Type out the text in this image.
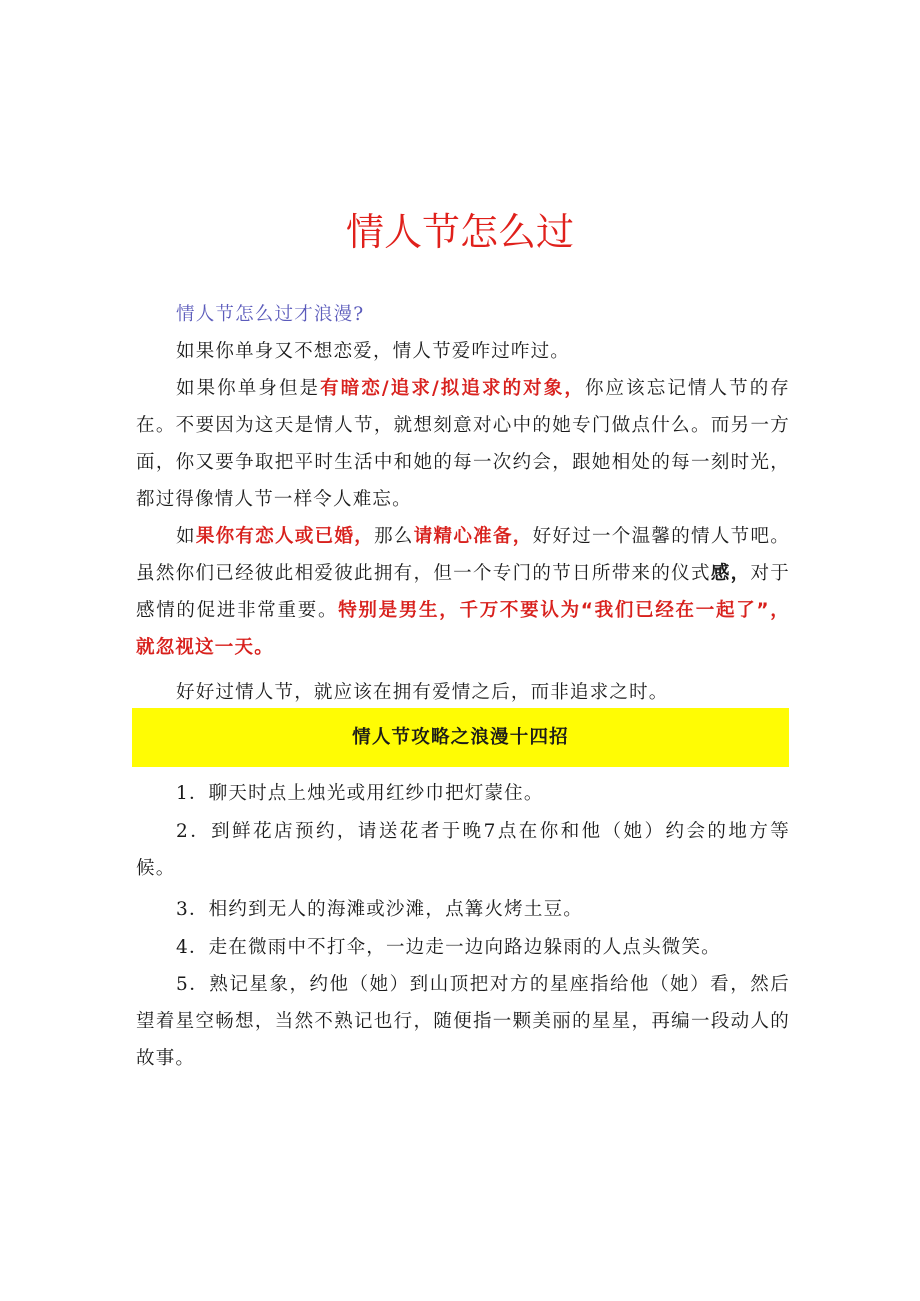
情人节怎么过
情人节怎么过才浪漫?
如果你单身又不想恋爱，情人节爱咋过咋过。
如果你单身但是有暗恋/追求/拟追求的对象，你应该忘记情人节的存在。不要因为这天是情人节，就想刻意对心中的她专门做点什么。而另一方面，你又要争取把平时生活中和她的每一次约会，跟她相处的每一刻时光，都过得像情人节一样令人难忘。
如果你有恋人或已婚，那么请精心准备，好好过一个温馨的情人节吧。虽然你们已经彼此相爱彼此拥有，但一个专门的节日所带来的仪式感，对于感情的促进非常重要。特别是男生，千万不要认为“我们已经在一起了”，就忽视这一天。
好好过情人节，就应该在拥有爱情之后，而非追求之时。
情人节攻略之浪漫十四招
1．聊天时点上烛光或用红纱巾把灯蒙住。
2．到鲜花店预约，请送花者于晚7点在你和他（她）约会的地方等候。
3．相约到无人的海滩或沙滩，点篝火烤土豆。
4．走在微雨中不打伞，一边走一边向路边躲雨的人点头微笑。
5．熟记星象，约他（她）到山顶把对方的星座指给他（她）看，然后望着星空畅想，当然不熟记也行，随便指一颗美丽的星星，再编一段动人的故事。
